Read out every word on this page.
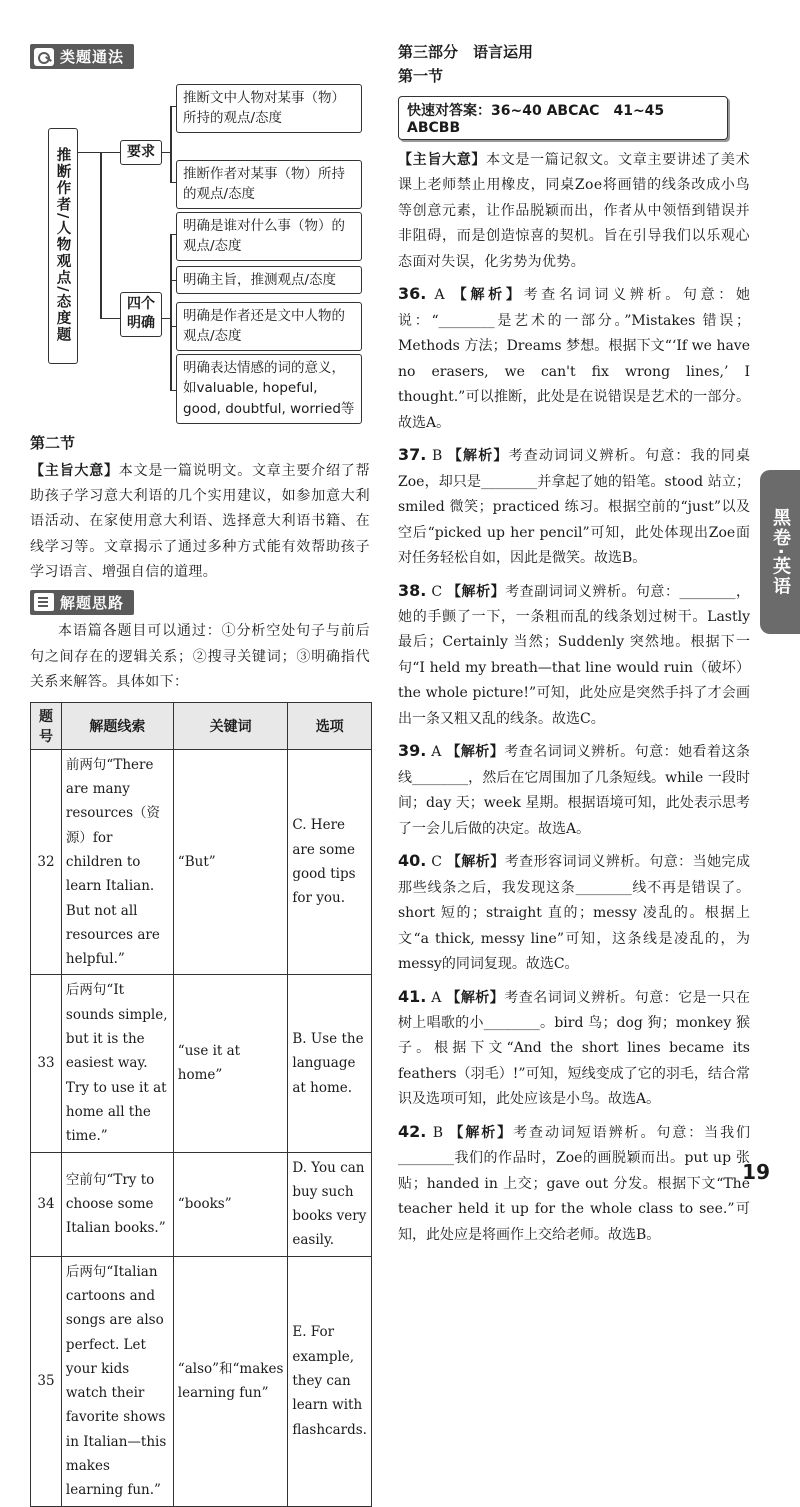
类题通法
推断作者/人物观点/态度题	要求
四个明确
推断文中人物对某事（物）所持的观点/态度
推断作者对某事（物）所持的观点/态度
明确是谁对什么事（物）的观点/态度
明确主旨，推测观点/态度
明确是作者还是文中人物的观点/态度
明确表达情感的词的意义，如valuable, hopeful, good, doubtful, worried等
第二节

【主旨大意】本文是一篇说明文。文章主要介绍了帮助孩子学习意大利语的几个实用建议，如参加意大利语活动、在家使用意大利语、选择意大利语书籍、在线学习等。文章揭示了通过多种方式能有效帮助孩子学习语言、增强自信的道理。

解题思路

本语篇各题目可以通过：①分析空处句子与前后句之间存在的逻辑关系；②搜寻关键词；③明确指代关系来解答。具体如下：

题号	解题线索	关键词	选项
32	前两句“There are many resources（资源）for children to learn Italian. But not all resources are helpful.”	“But”	C. Here are some good tips for you.
33	后两句“It sounds simple, but it is the easiest way. Try to use it at home all the time.”	“use it at home”	B. Use the language at home.
34	空前句“Try to choose some Italian books.”	“books”	D. You can buy such books very easily.
35	后两句“Italian cartoons and songs are also perfect. Let your kids watch their favorite shows in Italian—this makes learning fun.”	“also”和“makes learning fun”	E. For example, they can learn with flashcards.
第三部分　语言运用
第一节
快速对答案：36~40 ABCAC　41~45 ABCBB

【主旨大意】本文是一篇记叙文。文章主要讲述了美术课上老师禁止用橡皮，同桌Zoe将画错的线条改成小鸟等创意元素，让作品脱颖而出，作者从中领悟到错误并非阻碍，而是创造惊喜的契机。旨在引导我们以乐观心态面对失误，化劣势为优势。

36. A 【解析】考查名词词义辨析。句意：她说：“________是艺术的一部分。”Mistakes 错误；Methods 方法；Dreams 梦想。根据下文“‘If we have no erasers, we can't fix wrong lines,’ I thought.”可以推断，此处是在说错误是艺术的一部分。故选A。

37. B 【解析】考查动词词义辨析。句意：我的同桌Zoe，却只是________并拿起了她的铅笔。stood 站立；smiled 微笑；practiced 练习。根据空前的“just”以及空后“picked up her pencil”可知，此处体现出Zoe面对任务轻松自如，因此是微笑。故选B。

38. C 【解析】考查副词词义辨析。句意：________，她的手颤了一下，一条粗而乱的线条划过树干。Lastly 最后；Certainly 当然；Suddenly 突然地。根据下一句“I held my breath—that line would ruin（破坏）the whole picture!”可知，此处应是突然手抖了才会画出一条又粗又乱的线条。故选C。

39. A 【解析】考查名词词义辨析。句意：她看着这条线________，然后在它周围加了几条短线。while 一段时间；day 天；week 星期。根据语境可知，此处表示思考了一会儿后做的决定。故选A。

40. C 【解析】考查形容词词义辨析。句意：当她完成那些线条之后，我发现这条________线不再是错误了。short 短的；straight 直的；messy 凌乱的。根据上文“a thick, messy line”可知，这条线是凌乱的，为messy的同词复现。故选C。

41. A 【解析】考查名词词义辨析。句意：它是一只在树上唱歌的小________。bird 鸟；dog 狗；monkey 猴子。根据下文“And the short lines became its feathers（羽毛）!”可知，短线变成了它的羽毛，结合常识及选项可知，此处应该是小鸟。故选A。

42. B 【解析】考查动词短语辨析。句意：当我们________我们的作品时，Zoe的画脱颖而出。put up 张贴；handed in 上交；gave out 分发。根据下文“The teacher held it up for the whole class to see.”可知，此处应是将画作上交给老师。故选B。

黑卷·英语
19
